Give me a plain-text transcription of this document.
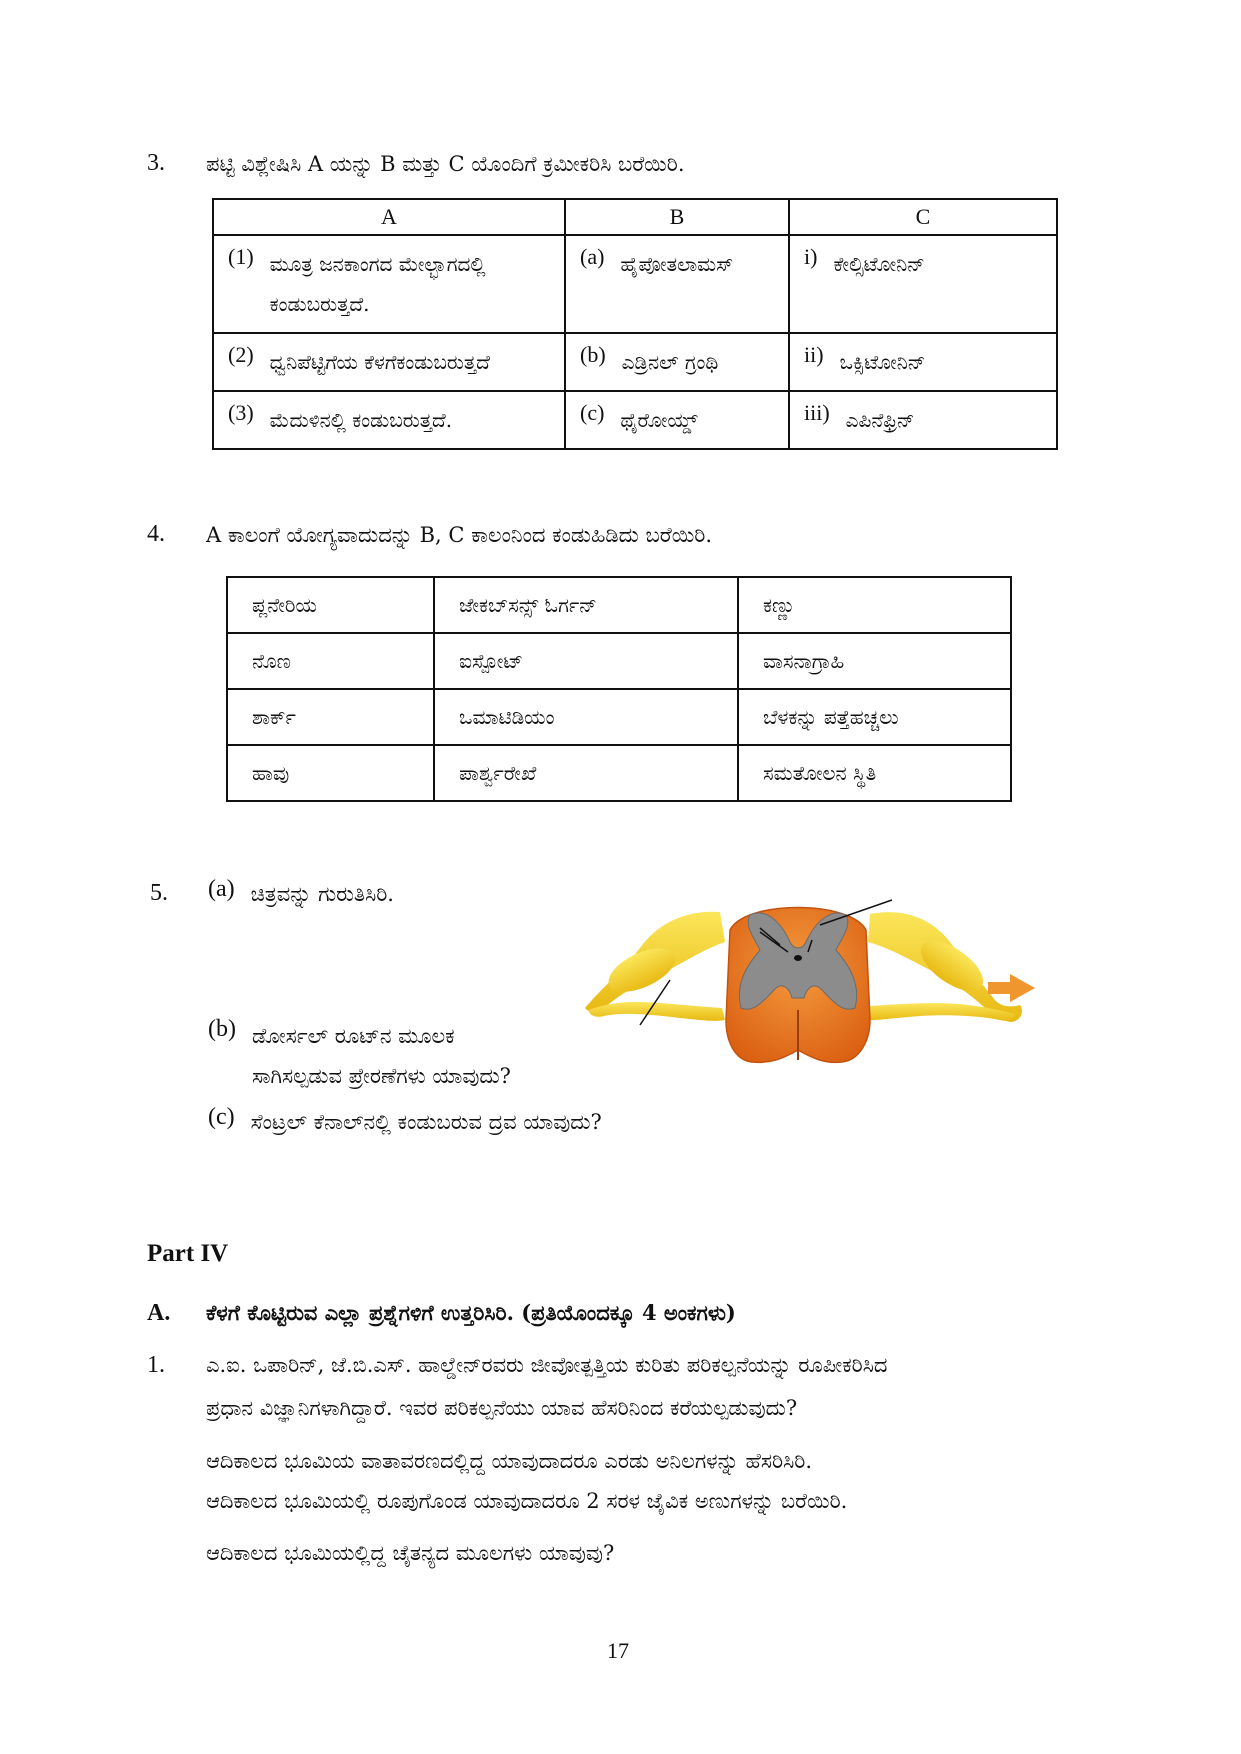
3. ಪಟ್ಟಿ ವಿಶ್ಲೇಷಿಸಿ A ಯನ್ನು B ಮತ್ತು C ಯೊಂದಿಗೆ ಕ್ರಮೀಕರಿಸಿ ಬರೆಯಿರಿ.
A	B	C

(1) ಮೂತ್ರ ಜನಕಾಂಗದ ಮೇಲ್ಭಾಗದಲ್ಲಿ ಕಂಡುಬರುತ್ತದೆ.	(a) ಹೈಪೋತಲಾಮಸ್	i) ಕೇಲ್ಸಿಟೋನಿನ್

(2) ಧ್ವನಿಪೆಟ್ಟಿಗೆಯ ಕೆಳಗೆಕಂಡುಬರುತ್ತದೆ	(b) ಎಡ್ರಿನಲ್ ಗ್ರಂಥಿ	ii) ಒಕ್ಸಿಟೋನಿನ್

(3) ಮೆದುಳಿನಲ್ಲಿ ಕಂಡುಬರುತ್ತದೆ.	(c) ಥೈರೋಯ್ಡ್	iii) ಎಪಿನೆಫ್ರಿನ್
4. A ಕಾಲಂಗೆ ಯೋಗ್ಯವಾದುದನ್ನು B, C ಕಾಲಂನಿಂದ ಕಂಡುಹಿಡಿದು ಬರೆಯಿರಿ.
ಪ್ಲನೇರಿಯ	ಜೇಕಬ್‌ಸನ್ಸ್ ಓರ್ಗನ್	ಕಣ್ಣು
ನೊಣ	ಐಸ್ಪೋಟ್	ವಾಸನಾಗ್ರಾಹಿ
ಶಾರ್ಕ್	ಒಮಾಟಿಡಿಯಂ	ಬೆಳಕನ್ನು ಪತ್ತೆಹಚ್ಚಲು
ಹಾವು	ಪಾರ್ಶ್ವರೇಖೆ	ಸಮತೋಲನ ಸ್ಥಿತಿ
5. (a) ಚಿತ್ರವನ್ನು ಗುರುತಿಸಿರಿ.
(b) ಡೋರ್ಸಲ್ ರೂಟ್‌ನ ಮೂಲಕ
ಸಾಗಿಸಲ್ಪಡುವ ಪ್ರೇರಣೆಗಳು ಯಾವುದು?
(c) ಸೆಂಟ್ರಲ್ ಕೆನಾಲ್‌ನಲ್ಲಿ ಕಂಡುಬರುವ ದ್ರವ ಯಾವುದು?
Part IV
A. ಕೆಳಗೆ ಕೊಟ್ಟಿರುವ ಎಲ್ಲಾ ಪ್ರಶ್ನೆಗಳಿಗೆ ಉತ್ತರಿಸಿರಿ. (ಪ್ರತಿಯೊಂದಕ್ಕೂ 4 ಅಂಕಗಳು)
1. ಎ.ಐ. ಒಪಾರಿನ್, ಜೆ.ಬಿ.ಎಸ್. ಹಾಲ್ಡೇನ್‌ರವರು ಜೀವೋತ್ಪತ್ತಿಯ ಕುರಿತು ಪರಿಕಲ್ಪನೆಯನ್ನು ರೂಪೀಕರಿಸಿದ
ಪ್ರಧಾನ ವಿಜ್ಞಾನಿಗಳಾಗಿದ್ದಾರೆ. ಇವರ ಪರಿಕಲ್ಪನೆಯು ಯಾವ ಹೆಸರಿನಿಂದ ಕರೆಯಲ್ಪಡುವುದು?
ಆದಿಕಾಲದ ಭೂಮಿಯ ವಾತಾವರಣದಲ್ಲಿದ್ದ ಯಾವುದಾದರೂ ಎರಡು ಅನಿಲಗಳನ್ನು ಹೆಸರಿಸಿರಿ.
ಆದಿಕಾಲದ ಭೂಮಿಯಲ್ಲಿ ರೂಪುಗೊಂಡ ಯಾವುದಾದರೂ 2 ಸರಳ ಜೈವಿಕ ಅಣುಗಳನ್ನು ಬರೆಯಿರಿ.
ಆದಿಕಾಲದ ಭೂಮಿಯಲ್ಲಿದ್ದ ಚೈತನ್ಯದ ಮೂಲಗಳು ಯಾವುವು?
17
